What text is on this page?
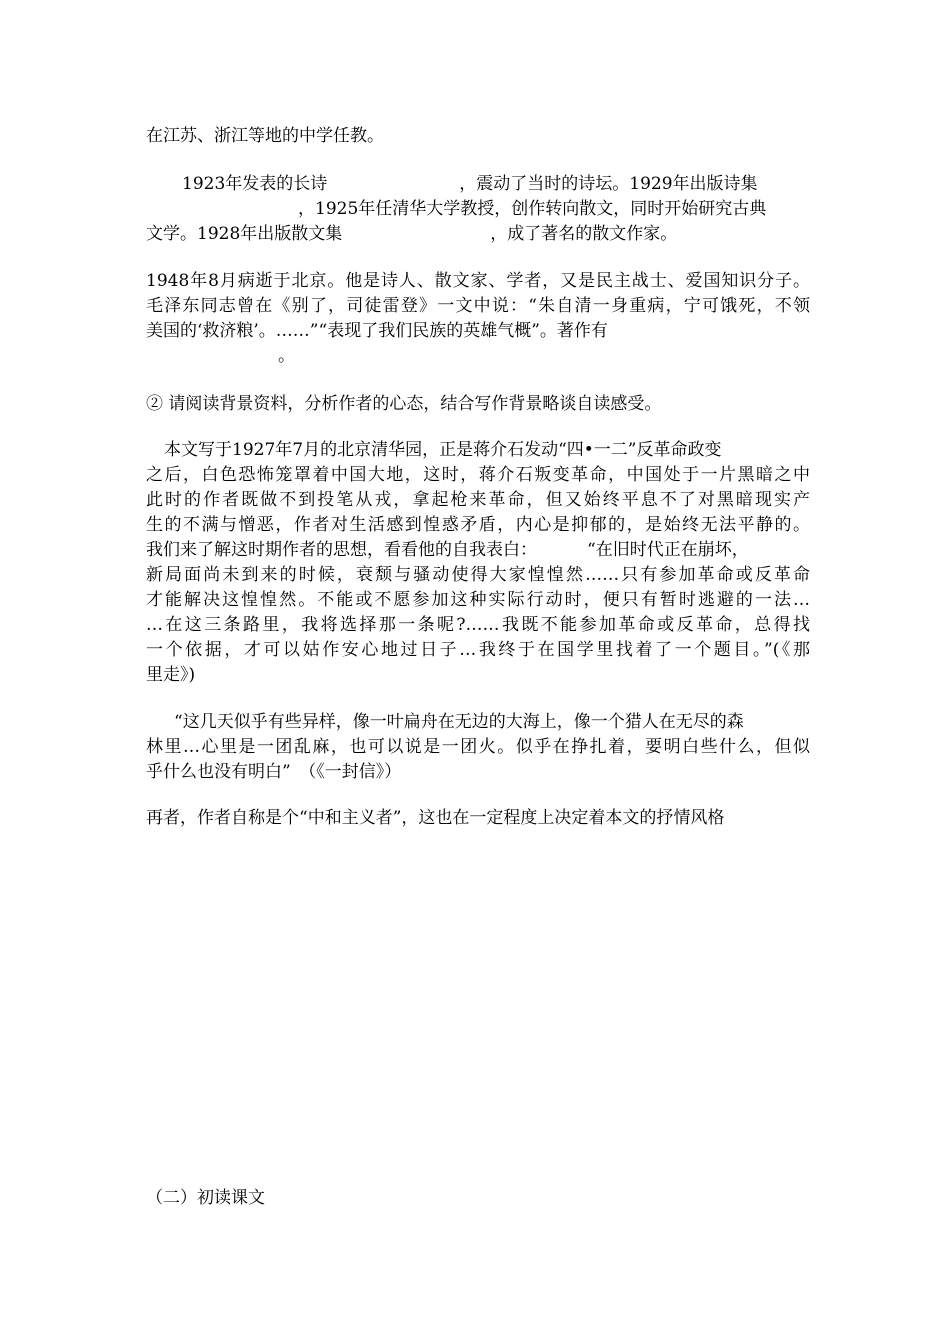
在江苏、浙江等地的中学任教。
1923年发表的长诗	，震动了当时的诗坛。1929年出版诗集
，1925年任清华大学教授，创作转向散文，同时开始研究古典
文学。1928年出版散文集	，成了著名的散文作家。
1948年8月病逝于北京。他是诗人、散文家、学者，又是民主战士、爱国知识分子。
毛泽东同志曾在《别了，司徒雷登》一文中说：“朱自清一身重病，宁可饿死，不领
美国的‘救济粮’。……”“表现了我们民族的英雄气概”。著作有
。
② 请阅读背景资料，分析作者的心态，结合写作背景略谈自读感受。
本文写于1927年7月的北京清华园，正是蒋介石发动“四•一二”反革命政变
之后，白色恐怖笼罩着中国大地，这时，蒋介石叛变革命，中国处于一片黑暗之中
此时的作者既做不到投笔从戎，拿起枪来革命，但又始终平息不了对黑暗现实产
生的不满与憎恶，作者对生活感到惶惑矛盾，内心是抑郁的，是始终无法平静的。
我们来了解这时期作者的思想，看看他的自我表白：	“在旧时代正在崩坏，
新局面尚未到来的时候，衰颓与骚动使得大家惶惶然……只有参加革命或反革命
才能解决这惶惶然。不能或不愿参加这种实际行动时，便只有暂时逃避的一法…
…在这三条路里，我将选择那一条呢?……我既不能参加革命或反革命，总得找
一个依据，才可以姑作安心地过日子…我终于在国学里找着了一个题目。”(《那
里走》)
“这几天似乎有些异样，像一叶扁舟在无边的大海上，像一个猎人在无尽的森
林里…心里是一团乱麻，也可以说是一团火。似乎在挣扎着，要明白些什么，但似
乎什么也没有明白”　（《一封信》）
再者，作者自称是个“中和主义者”，这也在一定程度上决定着本文的抒情风格
（二）初读课文
